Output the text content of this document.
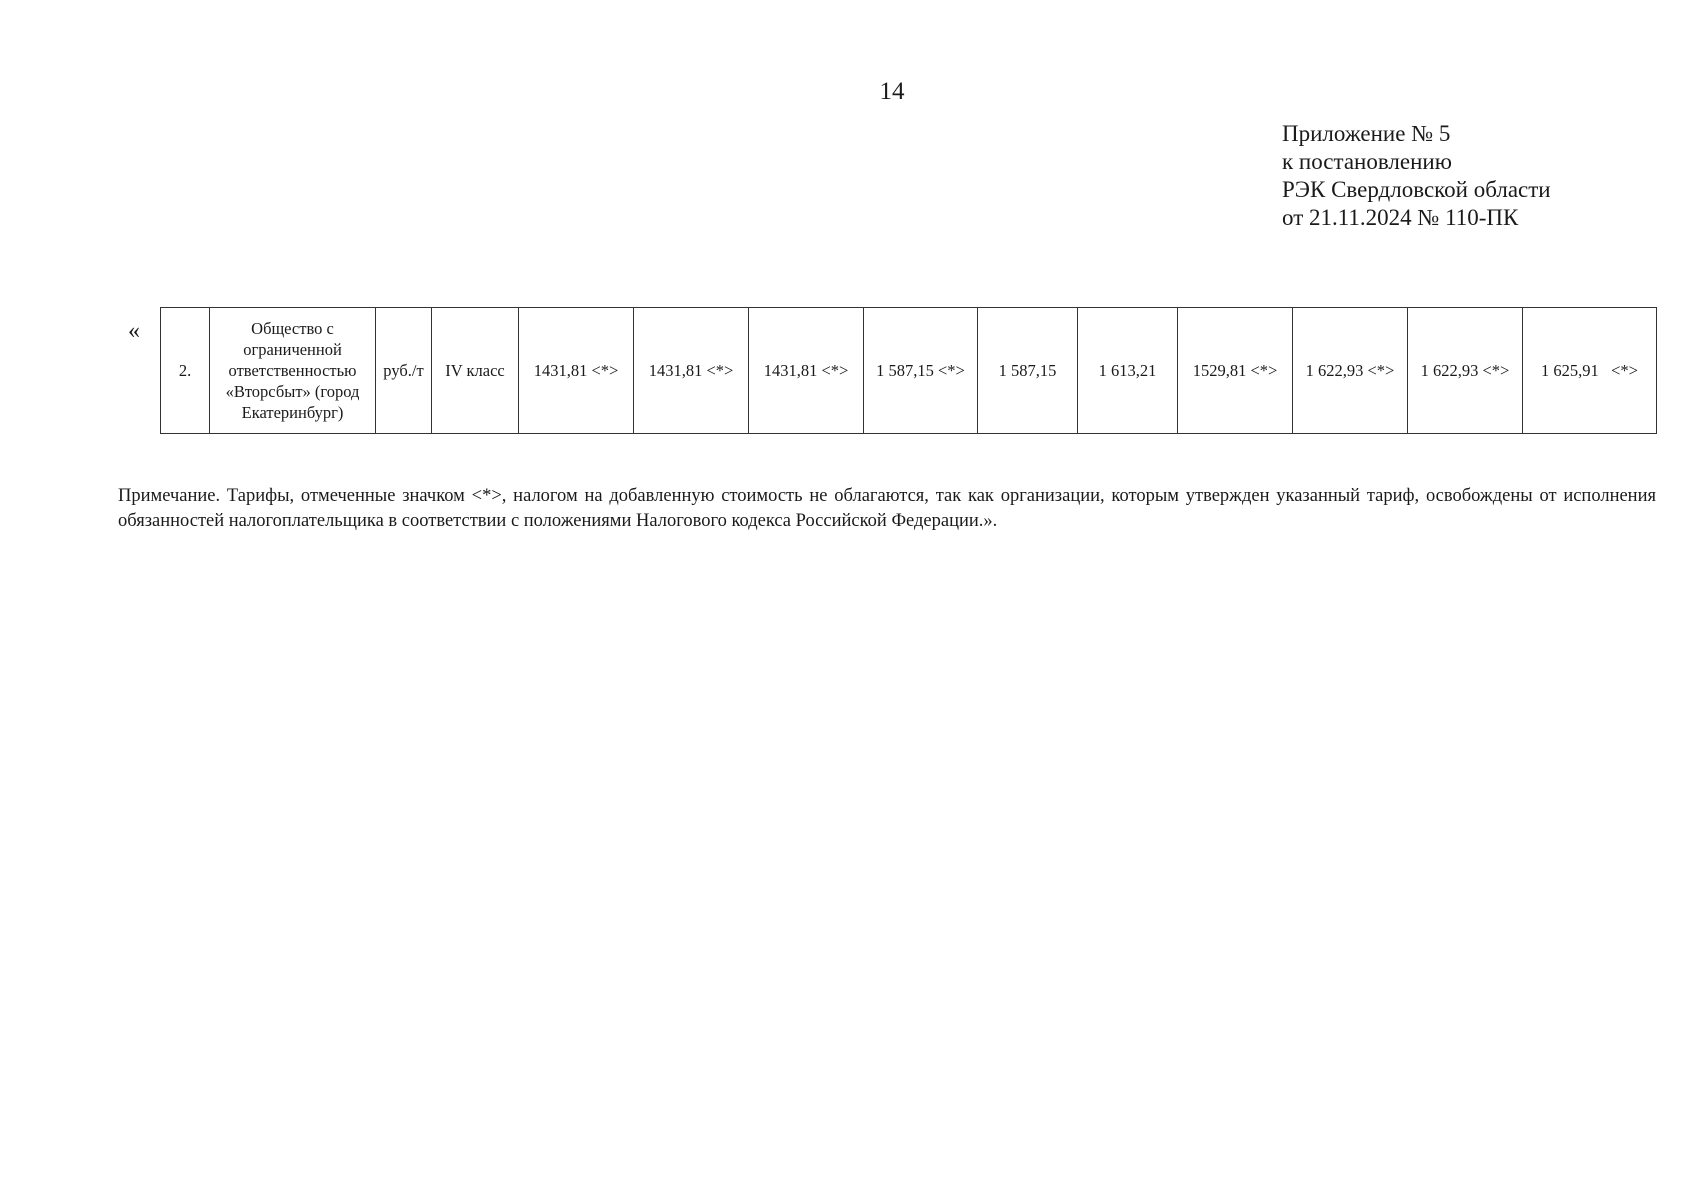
14
Приложение № 5
к постановлению
РЭК Свердловской области
от 21.11.2024 № 110-ПК
«
2.	Общество с ограниченной ответственностью «Вторсбыт» (город Екатеринбург)	руб./т	IV класс	1431,81 <*>	1431,81 <*>	1431,81 <*>	1 587,15 <*>	1 587,15	1 613,21	1529,81 <*>	1 622,93 <*>	1 622,93 <*>	1 625,91   <*>
Примечание. Тарифы, отмеченные значком <*>, налогом на добавленную стоимость не облагаются, так как организации, которым утвержден указанный тариф, освобождены от исполнения обязанностей налогоплательщика в соответствии с положениями Налогового кодекса Российской Федерации.».
